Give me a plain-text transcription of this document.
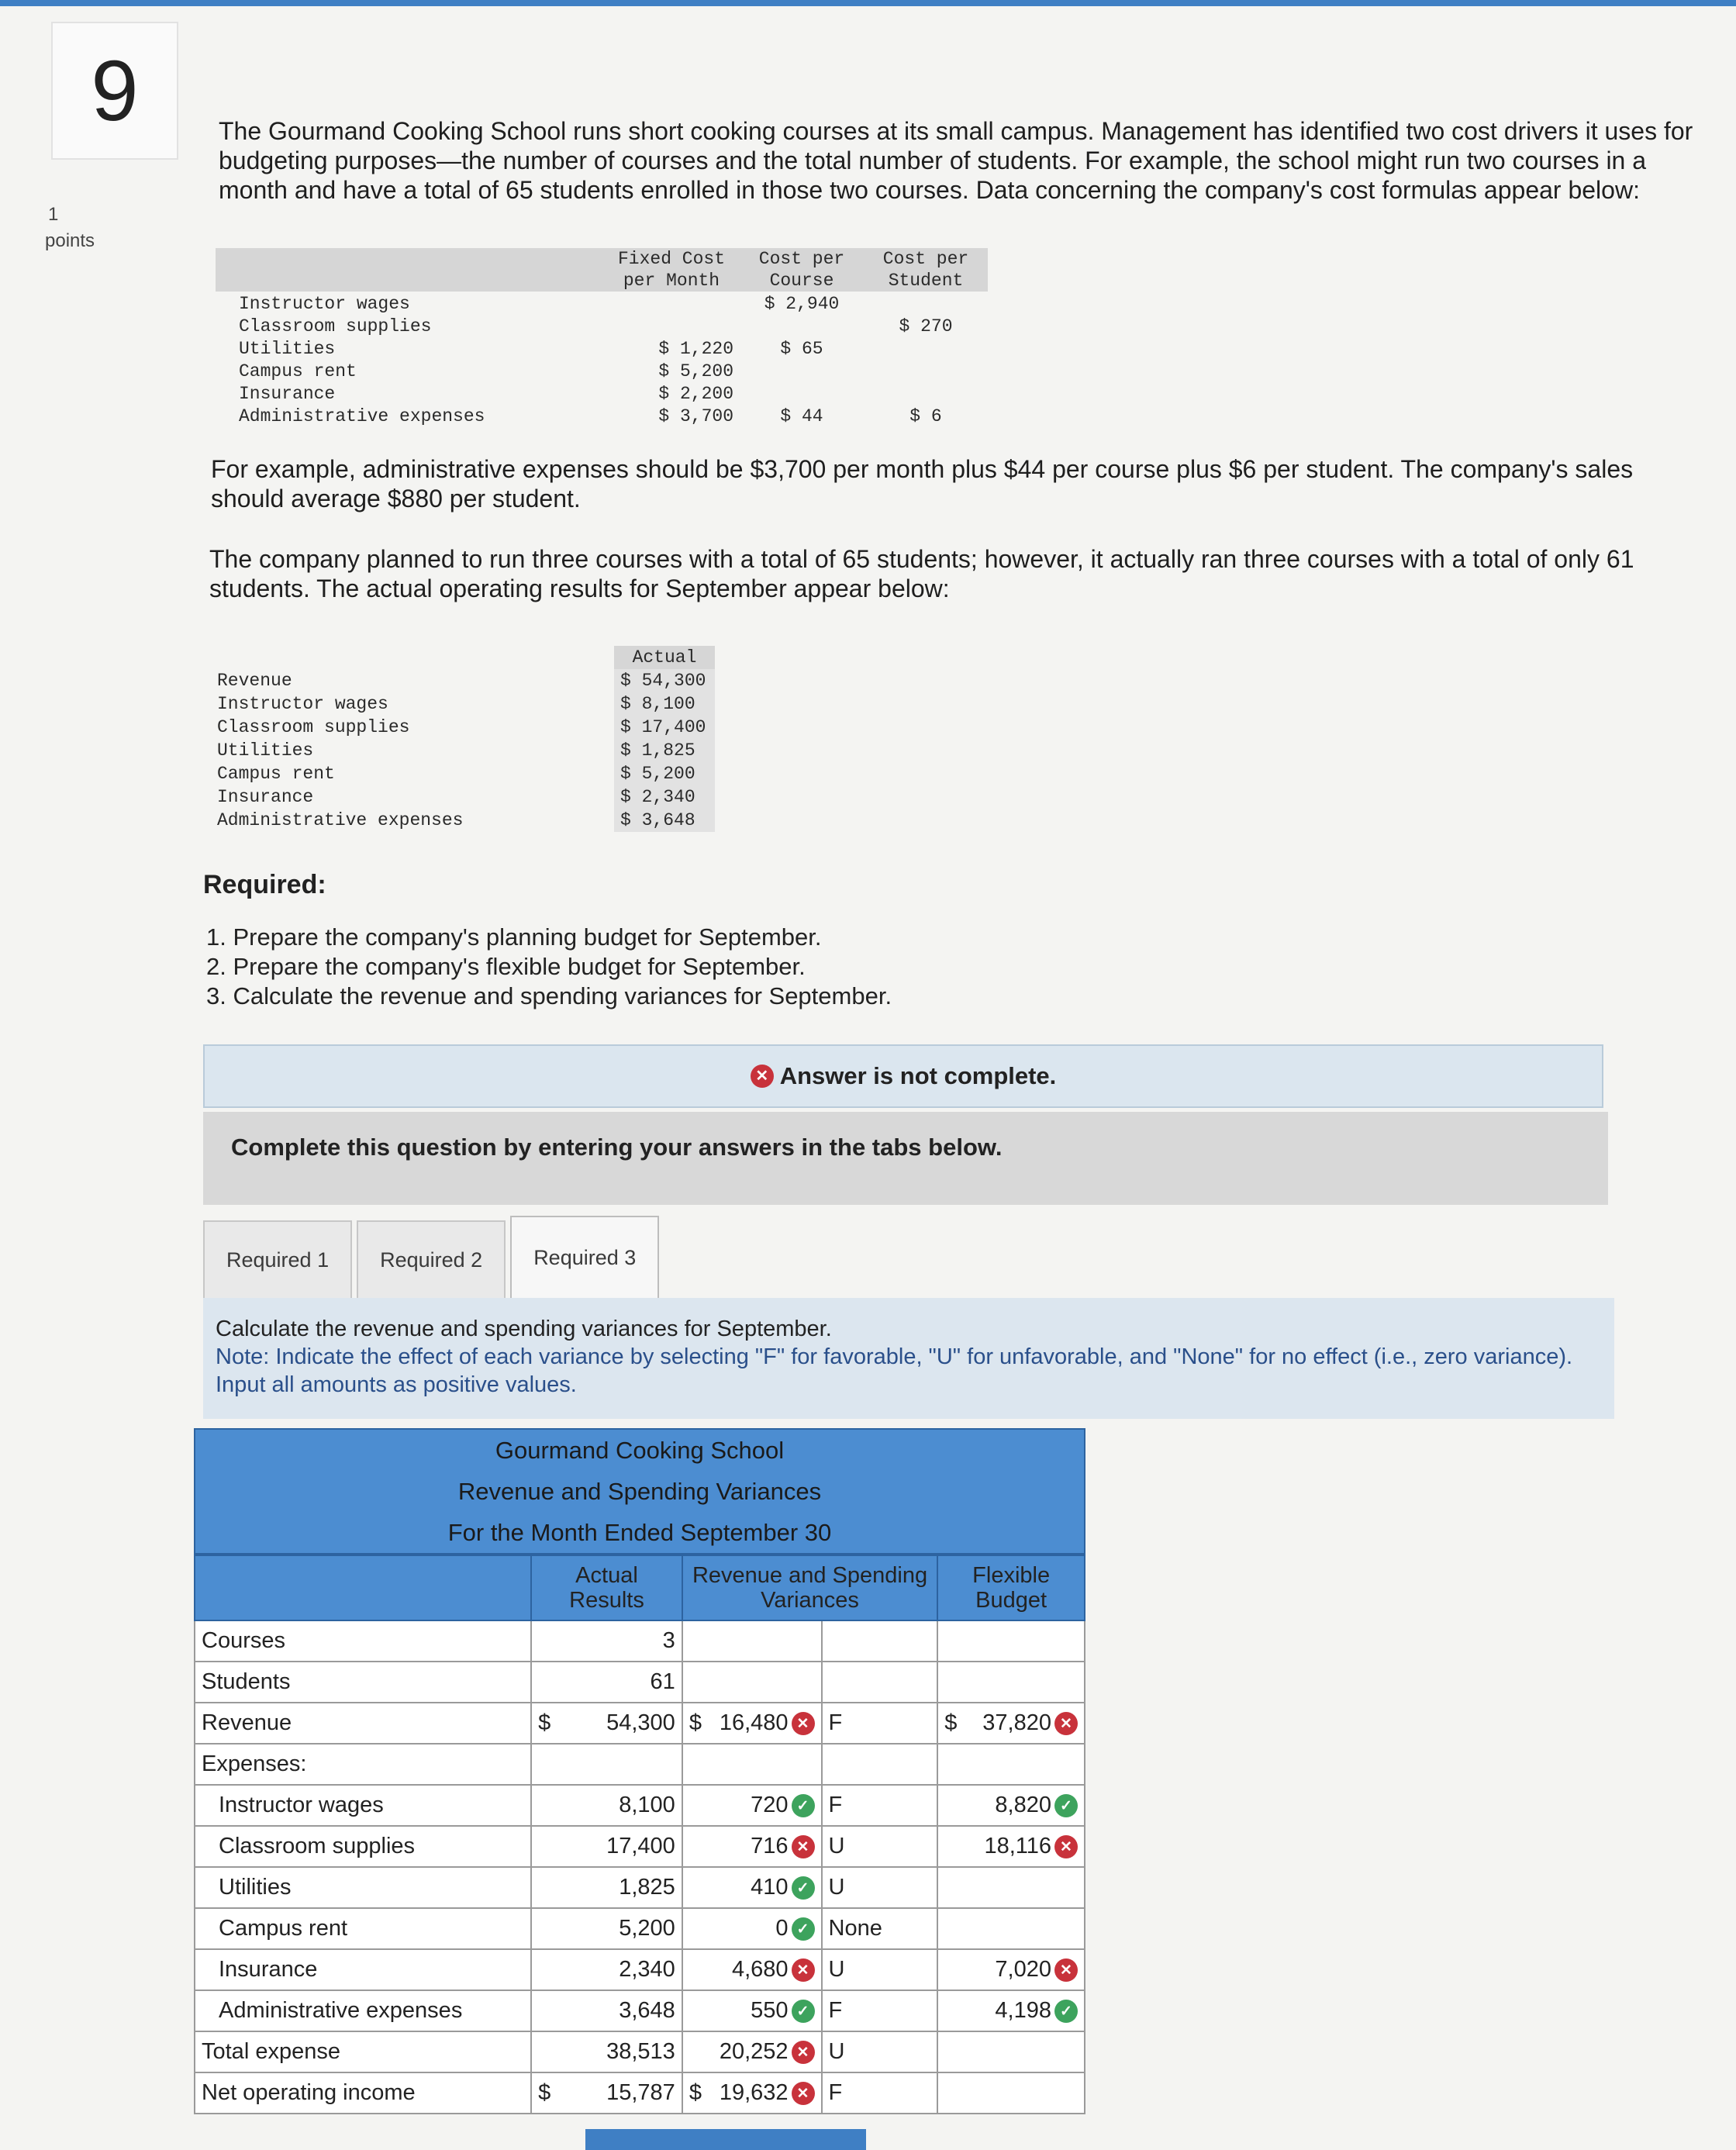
9
1
points
The Gourmand Cooking School runs short cooking courses at its small campus. Management has identified two cost drivers it uses for budgeting purposes—the number of courses and the total number of students. For example, the school might run two courses in a month and have a total of 65 students enrolled in those two courses. Data concerning the company's cost formulas appear below:
	Fixed Cost per Month	Cost per Course	Cost per Student
Instructor wages		$ 2,940	
Classroom supplies			$ 270
Utilities	$ 1,220	$ 65	
Campus rent	$ 5,200		
Insurance	$ 2,200		
Administrative expenses	$ 3,700	$ 44	$ 6
For example, administrative expenses should be $3,700 per month plus $44 per course plus $6 per student. The company's sales should average $880 per student.
The company planned to run three courses with a total of 65 students; however, it actually ran three courses with a total of only 61 students. The actual operating results for September appear below:
	Actual
Revenue	$ 54,300
Instructor wages	$ 8,100
Classroom supplies	$ 17,400
Utilities	$ 1,825
Campus rent	$ 5,200
Insurance	$ 2,340
Administrative expenses	$ 3,648
Required:
1. Prepare the company's planning budget for September.
2. Prepare the company's flexible budget for September.
3. Calculate the revenue and spending variances for September.
✕ Answer is not complete.
Complete this question by entering your answers in the tabs below.
Required 1	Required 2	Required 3
Calculate the revenue and spending variances for September.
Note: Indicate the effect of each variance by selecting "F" for favorable, "U" for unfavorable, and "None" for no effect (i.e., zero variance). Input all amounts as positive values.
Gourmand Cooking School
Revenue and Spending Variances
For the Month Ended September 30
	Actual Results	Revenue and Spending Variances		Flexible Budget
Courses	3			
Students	61			
Revenue	$ 54,300	$ 16,480 ✕	F	$ 37,820 ✕
Expenses:				
Instructor wages	8,100	720 ✓	F	8,820 ✓
Classroom supplies	17,400	716 ✕	U	18,116 ✕
Utilities	1,825	410 ✓	U	
Campus rent	5,200	0 ✓	None	
Insurance	2,340	4,680 ✕	U	7,020 ✕
Administrative expenses	3,648	550 ✓	F	4,198 ✓
Total expense	38,513	20,252 ✕	U	
Net operating income	$ 15,787	$ 19,632 ✕	F	
